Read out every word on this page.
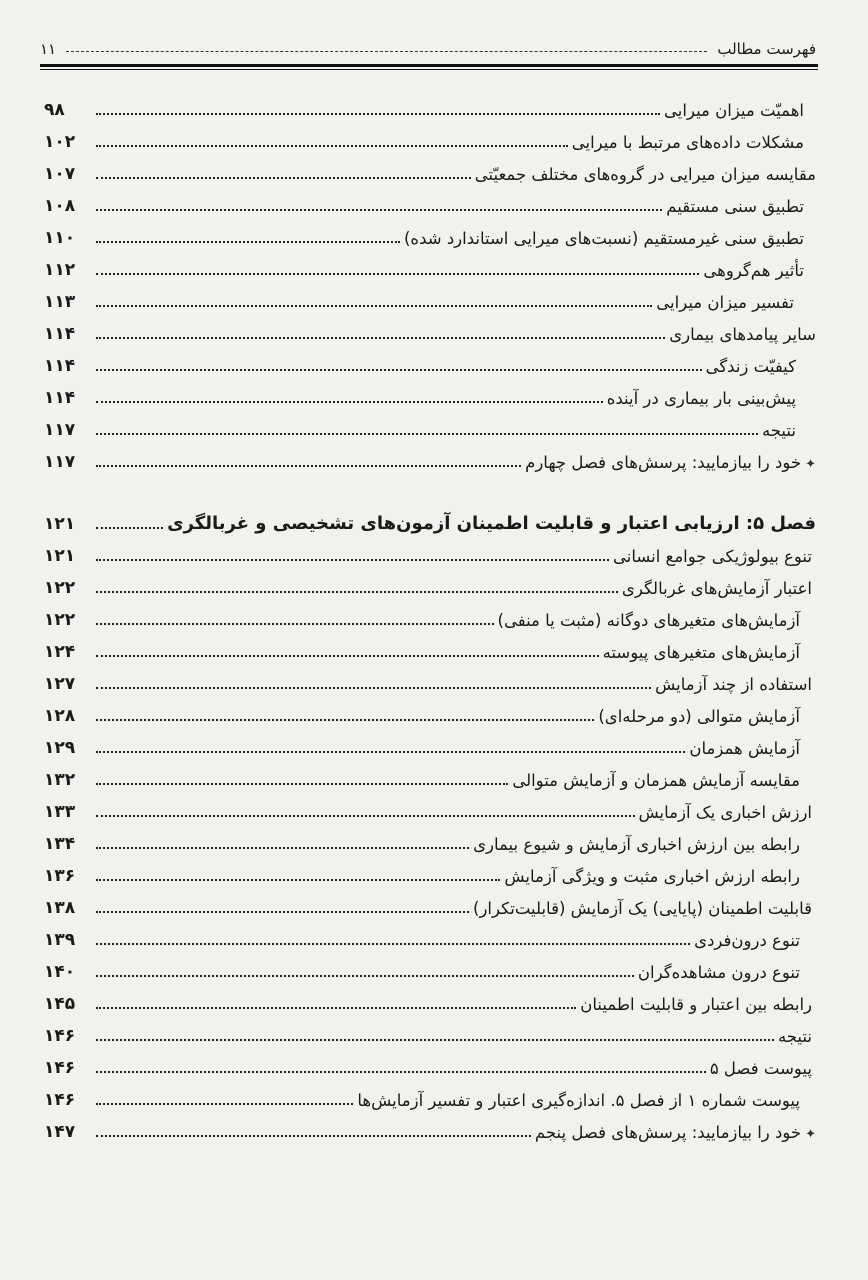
فهرست مطالب
۱۱
اهمیّت میزان میرایی
۹۸
مشکلات داده‌های مرتبط با میرایی
۱۰۲
مقایسه میزان میرایی در گروه‌های مختلف جمعیّتی
۱۰۷
تطبیق سنی مستقیم
۱۰۸
تطبیق سنی غیرمستقیم (نسبت‌های میرایی استاندارد شده)
۱۱۰
تأثیر هم‌گروهی
۱۱۲
تفسیر میزان میرایی
۱۱۳
سایر پیامدهای بیماری
۱۱۴
کیفیّت زندگی
۱۱۴
پیش‌بینی بار بیماری در آینده
۱۱۴
نتیجه
۱۱۷
✦
خود را بیازمایید: پرسش‌های فصل چهارم
۱۱۷
فصل ۵: ارزیابی اعتبار و قابلیت اطمینان آزمون‌های تشخیصی و غربالگری
۱۲۱
تنوع بیولوژیکی جوامع انسانی
۱۲۱
اعتبار آزمایش‌های غربالگری
۱۲۲
آزمایش‌های متغیرهای دوگانه (مثبت یا منفی)
۱۲۲
آزمایش‌های متغیرهای پیوسته
۱۲۴
استفاده از چند آزمایش
۱۲۷
آزمایش متوالی (دو مرحله‌ای)
۱۲۸
آزمایش همزمان
۱۲۹
مقایسه آزمایش همزمان و آزمایش متوالی
۱۳۲
ارزش اخباری یک آزمایش
۱۳۳
رابطه بین ارزش اخباری آزمایش و شیوع بیماری
۱۳۴
رابطه ارزش اخباری مثبت و ویژگی آزمایش
۱۳۶
قابلیت اطمینان (پایایی) یک آزمایش (قابلیت‌تکرار)
۱۳۸
تنوع درون‌فردی
۱۳۹
تنوع درون مشاهده‌گران
۱۴۰
رابطه بین اعتبار و قابلیت اطمینان
۱۴۵
نتیجه
۱۴۶
پیوست فصل ۵
۱۴۶
پیوست شماره ۱ از فصل ۵. اندازه‌گیری اعتبار و تفسیر آزمایش‌ها
۱۴۶
✦
خود را بیازمایید: پرسش‌های فصل پنجم
۱۴۷
